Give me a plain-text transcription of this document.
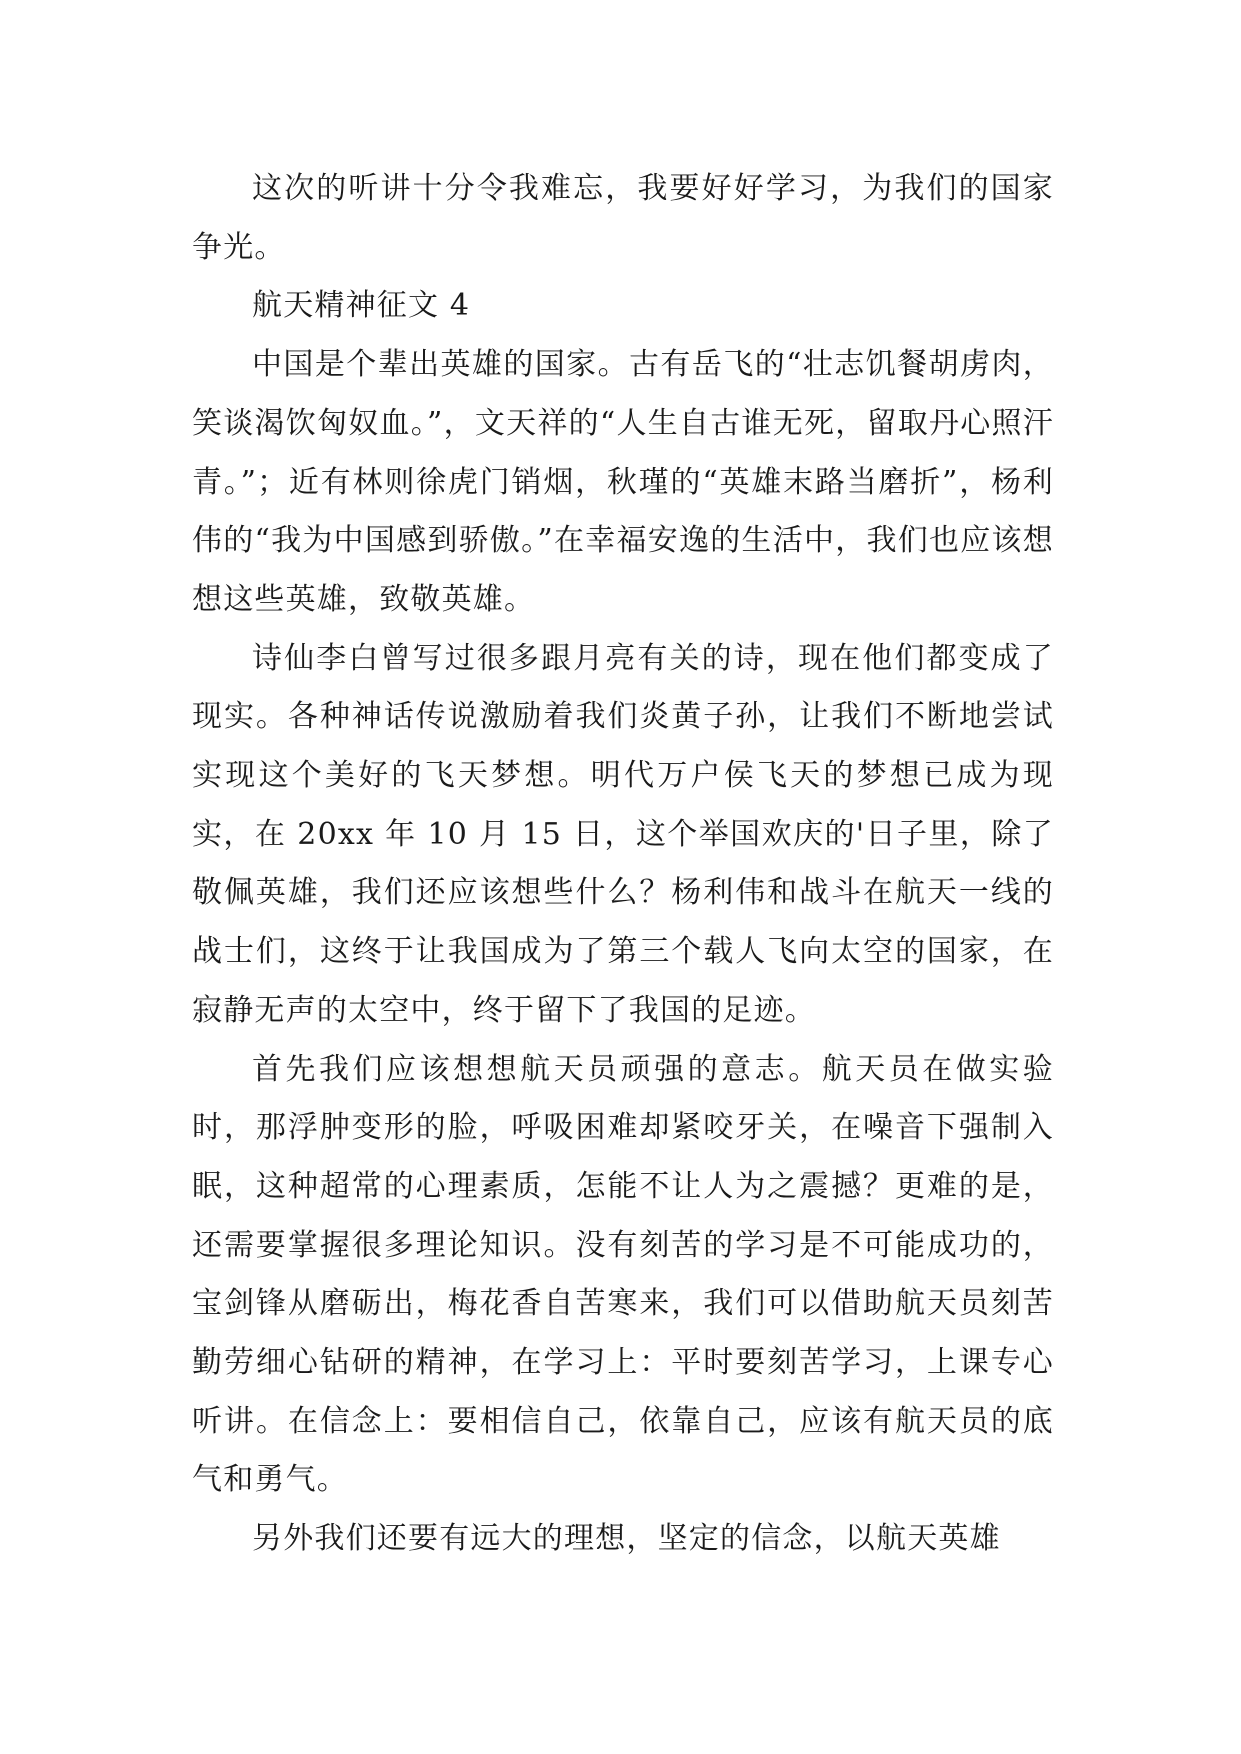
这次的听讲十分令我难忘，我要好好学习，为我们的国家争光。

航天精神征文 4

中国是个辈出英雄的国家。古有岳飞的“壮志饥餐胡虏肉，笑谈渴饮匈奴血。”，文天祥的“人生自古谁无死，留取丹心照汗青。”；近有林则徐虎门销烟，秋瑾的“英雄末路当磨折”，杨利伟的“我为中国感到骄傲。”在幸福安逸的生活中，我们也应该想想这些英雄，致敬英雄。

诗仙李白曾写过很多跟月亮有关的诗，现在他们都变成了现实。各种神话传说激励着我们炎黄子孙，让我们不断地尝试实现这个美好的飞天梦想。明代万户侯飞天的梦想已成为现实，在 20xx 年 10 月 15 日，这个举国欢庆的'日子里，除了敬佩英雄，我们还应该想些什么？杨利伟和战斗在航天一线的战士们，这终于让我国成为了第三个载人飞向太空的国家，在寂静无声的太空中，终于留下了我国的足迹。

首先我们应该想想航天员顽强的意志。航天员在做实验时，那浮肿变形的脸，呼吸困难却紧咬牙关，在噪音下强制入眠，这种超常的心理素质，怎能不让人为之震撼？更难的是，还需要掌握很多理论知识。没有刻苦的学习是不可能成功的，宝剑锋从磨砺出，梅花香自苦寒来，我们可以借助航天员刻苦勤劳细心钻研的精神，在学习上：平时要刻苦学习，上课专心听讲。在信念上：要相信自己，依靠自己，应该有航天员的底气和勇气。

另外我们还要有远大的理想，坚定的信念，以航天英雄
